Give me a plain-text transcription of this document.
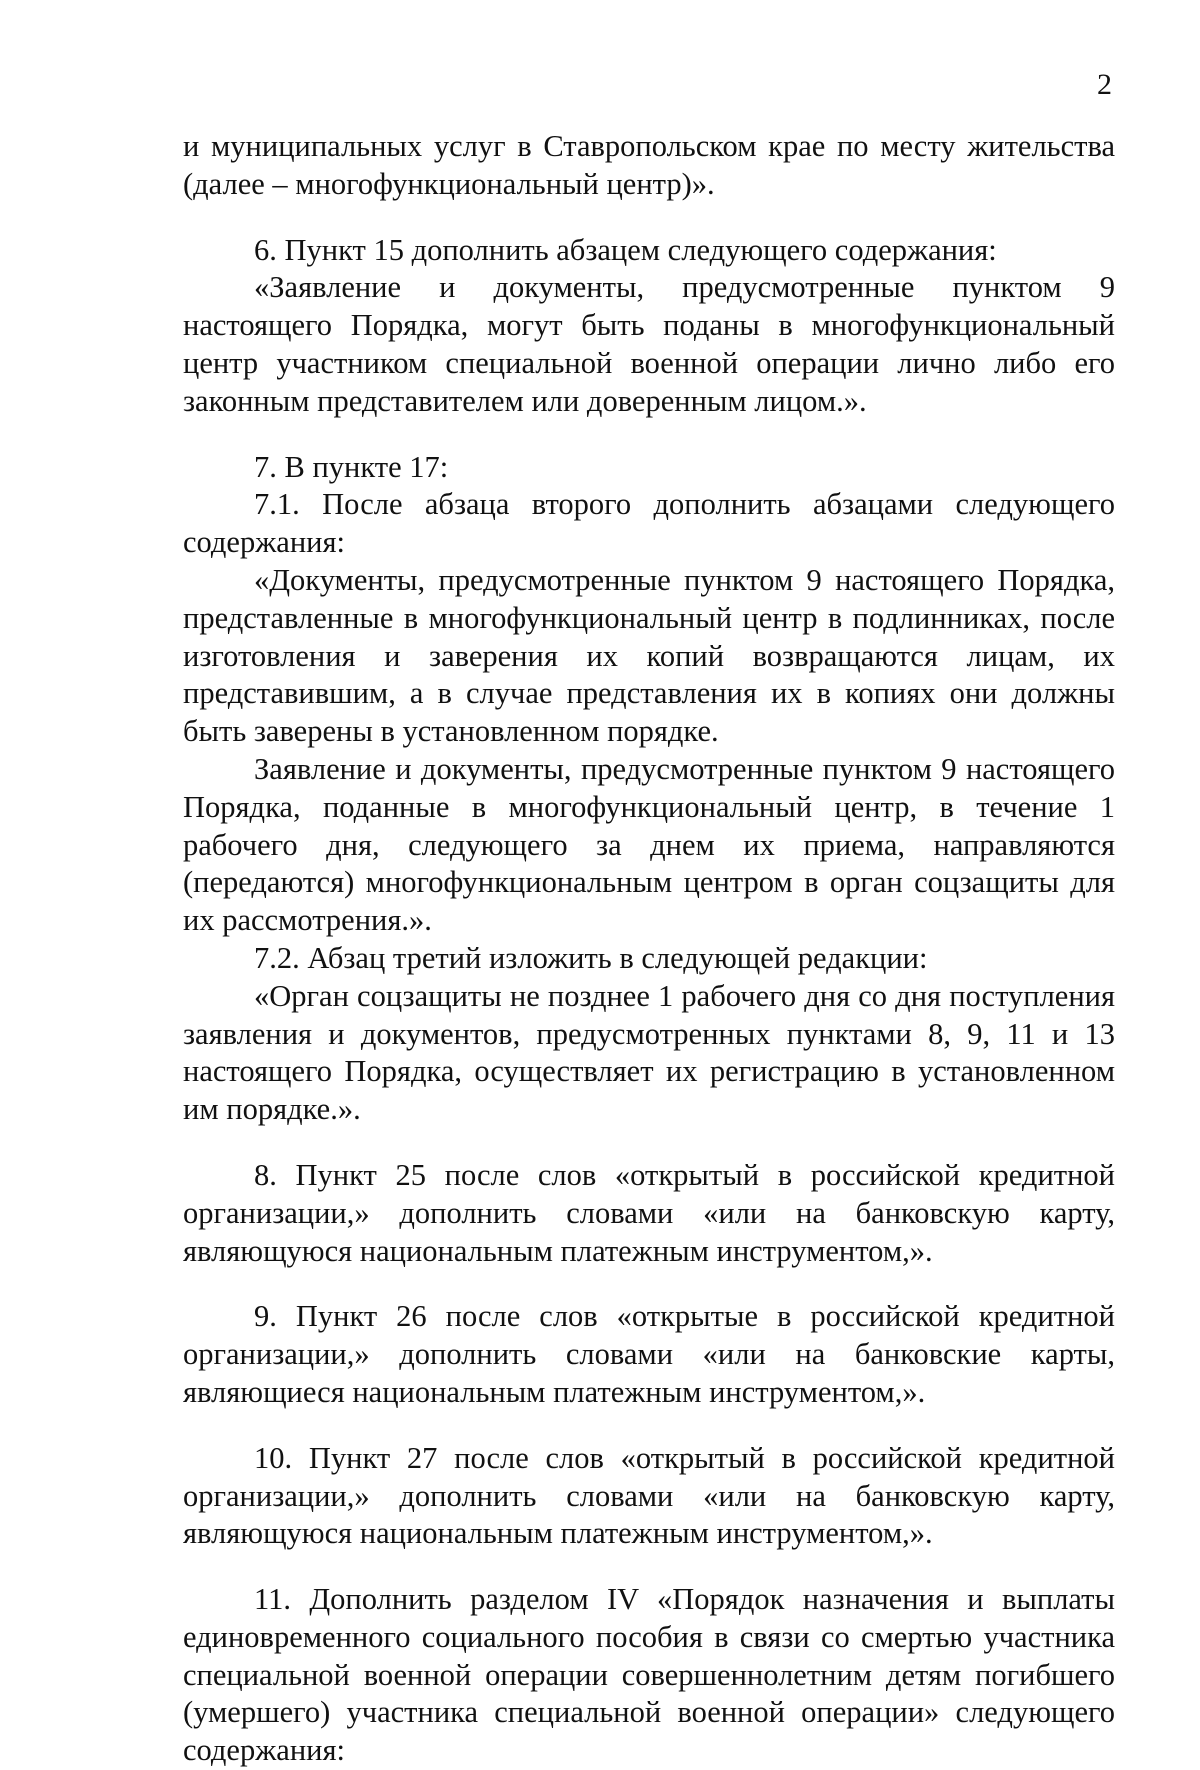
2

и муниципальных услуг в Ставропольском крае по месту жительства (далее – многофункциональный центр)».

6. Пункт 15 дополнить абзацем следующего содержания:

«Заявление и документы, предусмотренные пунктом 9 настоящего Порядка, могут быть поданы в многофункциональный центр участником специальной военной операции лично либо его законным представителем или доверенным лицом.».

7. В пункте 17:

7.1. После абзаца второго дополнить абзацами следующего содержания:

«Документы, предусмотренные пунктом 9 настоящего Порядка, представленные в многофункциональный центр в подлинниках, после изготовления и заверения их копий возвращаются лицам, их представившим, а в случае представления их в копиях они должны быть заверены в установленном порядке.

Заявление и документы, предусмотренные пунктом 9 настоящего Порядка, поданные в многофункциональный центр, в течение 1 рабочего дня, следующего за днем их приема, направляются (передаются) многофункциональным центром в орган соцзащиты для их рассмотрения.».

7.2. Абзац третий изложить в следующей редакции:

«Орган соцзащиты не позднее 1 рабочего дня со дня поступления заявления и документов, предусмотренных пунктами 8, 9, 11 и 13 настоящего Порядка, осуществляет их регистрацию в установленном им порядке.».

8. Пункт 25 после слов «открытый в российской кредитной организации,» дополнить словами «или на банковскую карту, являющуюся национальным платежным инструментом,».

9. Пункт 26 после слов «открытые в российской кредитной организации,» дополнить словами «или на банковские карты, являющиеся национальным платежным инструментом,».

10. Пункт 27 после слов «открытый в российской кредитной организации,» дополнить словами «или на банковскую карту, являющуюся национальным платежным инструментом,».

11. Дополнить разделом IV «Порядок назначения и выплаты единовременного социального пособия в связи со смертью участника специальной военной операции совершеннолетним детям погибшего (умершего) участника специальной военной операции» следующего содержания:
